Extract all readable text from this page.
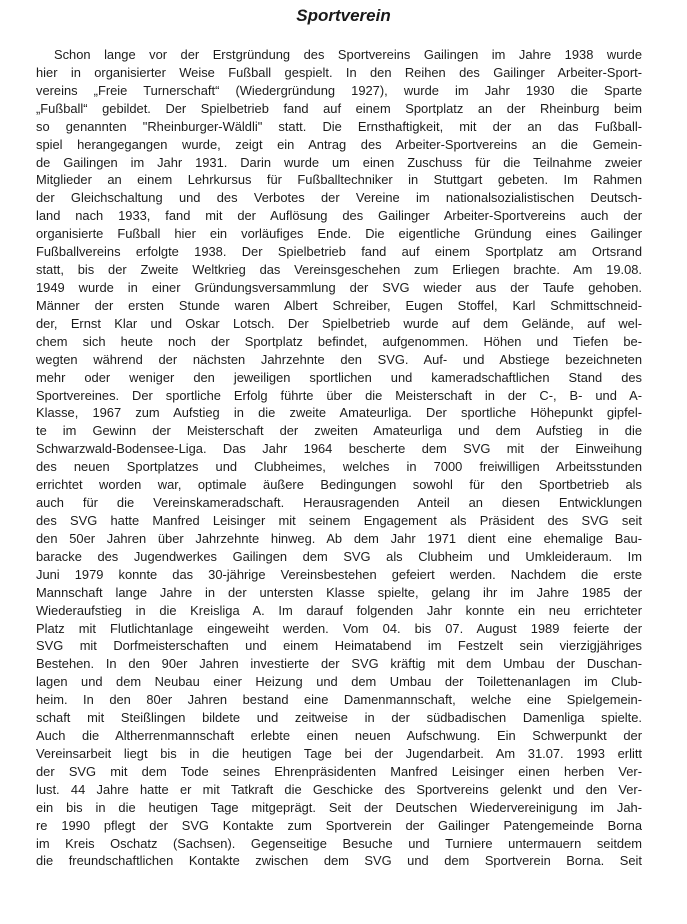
Sportverein
Schon lange vor der Erstgründung des Sportvereins Gailingen im Jahre 1938 wurde
hier in organisierter Weise Fußball gespielt. In den Reihen des Gailinger Arbeiter-Sport-
vereins „Freie Turnerschaft“ (Wiedergründung 1927), wurde im Jahr 1930 die Sparte
„Fußball“ gebildet. Der Spielbetrieb fand auf einem Sportplatz an der Rheinburg beim
so genannten "Rheinburger-Wäldli" statt. Die Ernsthaftigkeit, mit der an das Fußball-
spiel herangegangen wurde, zeigt ein Antrag des Arbeiter-Sportvereins an die Gemein-
de Gailingen im Jahr 1931. Darin wurde um einen Zuschuss für die Teilnahme zweier
Mitglieder an einem Lehrkursus für Fußballtechniker in Stuttgart gebeten. Im Rahmen
der Gleichschaltung und des Verbotes der Vereine im nationalsozialistischen Deutsch-
land nach 1933, fand mit der Auflösung des Gailinger Arbeiter-Sportvereins auch der
organisierte Fußball hier ein vorläufiges Ende. Die eigentliche Gründung eines Gailinger
Fußballvereins erfolgte 1938. Der Spielbetrieb fand auf einem Sportplatz am Ortsrand
statt, bis der Zweite Weltkrieg das Vereinsgeschehen zum Erliegen brachte. Am 19.08.
1949 wurde in einer Gründungsversammlung der SVG wieder aus der Taufe gehoben.
Männer der ersten Stunde waren Albert Schreiber, Eugen Stoffel, Karl Schmittschneid-
der, Ernst Klar und Oskar Lotsch. Der Spielbetrieb wurde auf dem Gelände, auf wel-
chem sich heute noch der Sportplatz befindet, aufgenommen. Höhen und Tiefen be-
wegten während der nächsten Jahrzehnte den SVG. Auf- und Abstiege bezeichneten
mehr oder weniger den jeweiligen sportlichen und kameradschaftlichen Stand des
Sportvereines. Der sportliche Erfolg führte über die Meisterschaft in der C-, B- und A-
Klasse, 1967 zum Aufstieg in die zweite Amateurliga. Der sportliche Höhepunkt gipfel-
te im Gewinn der Meisterschaft der zweiten Amateurliga und dem Aufstieg in die
Schwarzwald-Bodensee-Liga. Das Jahr 1964 bescherte dem SVG mit der Einweihung
des neuen Sportplatzes und Clubheimes, welches in 7000 freiwilligen Arbeitsstunden
errichtet worden war, optimale äußere Bedingungen sowohl für den Sportbetrieb als
auch für die Vereinskameradschaft. Herausragenden Anteil an diesen Entwicklungen
des SVG hatte Manfred Leisinger mit seinem Engagement als Präsident des SVG seit
den 50er Jahren über Jahrzehnte hinweg. Ab dem Jahr 1971 dient eine ehemalige Bau-
baracke des Jugendwerkes Gailingen dem SVG als Clubheim und Umkleideraum. Im
Juni 1979 konnte das 30-jährige Vereinsbestehen gefeiert werden. Nachdem die erste
Mannschaft lange Jahre in der untersten Klasse spielte, gelang ihr im Jahre 1985 der
Wiederaufstieg in die Kreisliga A. Im darauf folgenden Jahr konnte ein neu errichteter
Platz mit Flutlichtanlage eingeweiht werden. Vom 04. bis 07. August 1989 feierte der
SVG mit Dorfmeisterschaften und einem Heimatabend im Festzelt sein vierzigjähriges
Bestehen. In den 90er Jahren investierte der SVG kräftig mit dem Umbau der Duschan-
lagen und dem Neubau einer Heizung und dem Umbau der Toilettenanlagen im Club-
heim. In den 80er Jahren bestand eine Damenmannschaft, welche eine Spielgemein-
schaft mit Steißlingen bildete und zeitweise in der südbadischen Damenliga spielte.
Auch die Altherrenmannschaft erlebte einen neuen Aufschwung. Ein Schwerpunkt der
Vereinsarbeit liegt bis in die heutigen Tage bei der Jugendarbeit. Am 31.07. 1993 erlitt
der SVG mit dem Tode seines Ehrenpräsidenten Manfred Leisinger einen herben Ver-
lust. 44 Jahre hatte er mit Tatkraft die Geschicke des Sportvereins gelenkt und den Ver-
ein bis in die heutigen Tage mitgeprägt. Seit der Deutschen Wiedervereinigung im Jah-
re 1990 pflegt der SVG Kontakte zum Sportverein der Gailinger Patengemeinde Borna
im Kreis Oschatz (Sachsen). Gegenseitige Besuche und Turniere untermauern seitdem
die freundschaftlichen Kontakte zwischen dem SVG und dem Sportverein Borna. Seit
